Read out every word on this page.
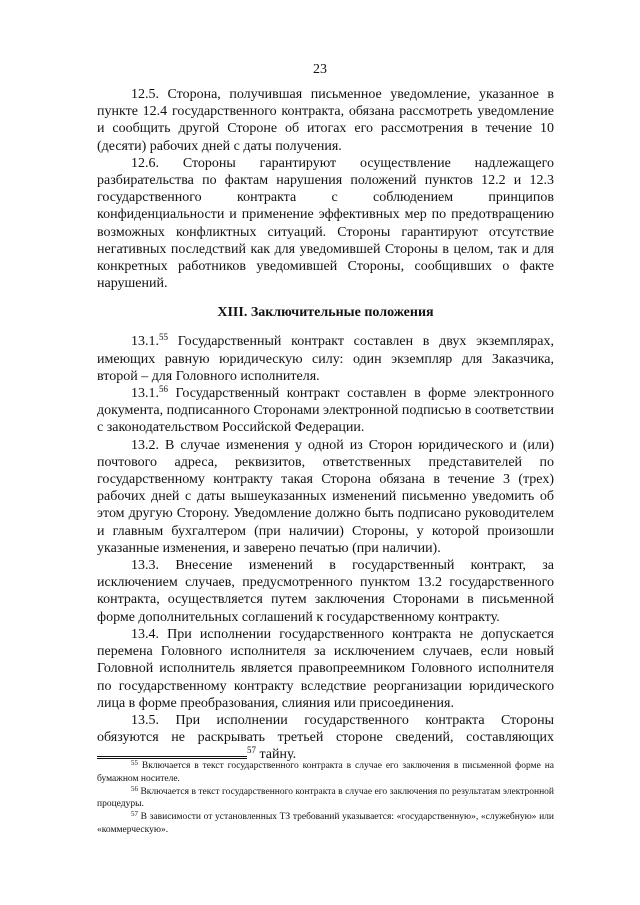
23

12.5. Сторона, получившая письменное уведомление, указанное в пункте 12.4 государственного контракта, обязана рассмотреть уведомление и сообщить другой Стороне об итогах его рассмотрения в течение 10 (десяти) рабочих дней с даты получения.

12.6. Стороны гарантируют осуществление надлежащего разбирательства по фактам нарушения положений пунктов 12.2 и 12.3 государственного контракта с соблюдением принципов конфиденциальности и применение эффективных мер по предотвращению возможных конфликтных ситуаций. Стороны гарантируют отсутствие негативных последствий как для уведомившей Стороны в целом, так и для конкретных работников уведомившей Стороны, сообщивших о факте нарушений.

XIII. Заключительные положения

13.1.55 Государственный контракт составлен в двух экземплярах, имеющих равную юридическую силу: один экземпляр для Заказчика, второй – для Головного исполнителя.

13.1.56 Государственный контракт составлен в форме электронного документа, подписанного Сторонами электронной подписью в соответствии с законодательством Российской Федерации.

13.2. В случае изменения у одной из Сторон юридического и (или) почтового адреса, реквизитов, ответственных представителей по государственному контракту такая Сторона обязана в течение 3 (трех) рабочих дней с даты вышеуказанных изменений письменно уведомить об этом другую Сторону. Уведомление должно быть подписано руководителем и главным бухгалтером (при наличии) Стороны, у которой произошли указанные изменения, и заверено печатью (при наличии).

13.3. Внесение изменений в государственный контракт, за исключением случаев, предусмотренного пунктом 13.2 государственного контракта, осуществляется путем заключения Сторонами в письменной форме дополнительных соглашений к государственному контракту.

13.4. При исполнении государственного контракта не допускается перемена Головного исполнителя за исключением случаев, если новый Головной исполнитель является правопреемником Головного исполнителя по государственному контракту вследствие реорганизации юридического лица в форме преобразования, слияния или присоединения.

13.5. При исполнении государственного контракта Стороны обязуются не раскрывать третьей стороне сведений, составляющих $^{57}$ тайну.

$^{55}$ Включается в текст государственного контракта в случае его заключения в письменной форме на бумажном носителе.

$^{56}$ Включается в текст государственного контракта в случае его заключения по результатам электронной процедуры.

$^{57}$ В зависимости от установленных ТЗ требований указывается: «государственную», «служебную» или «коммерческую».
